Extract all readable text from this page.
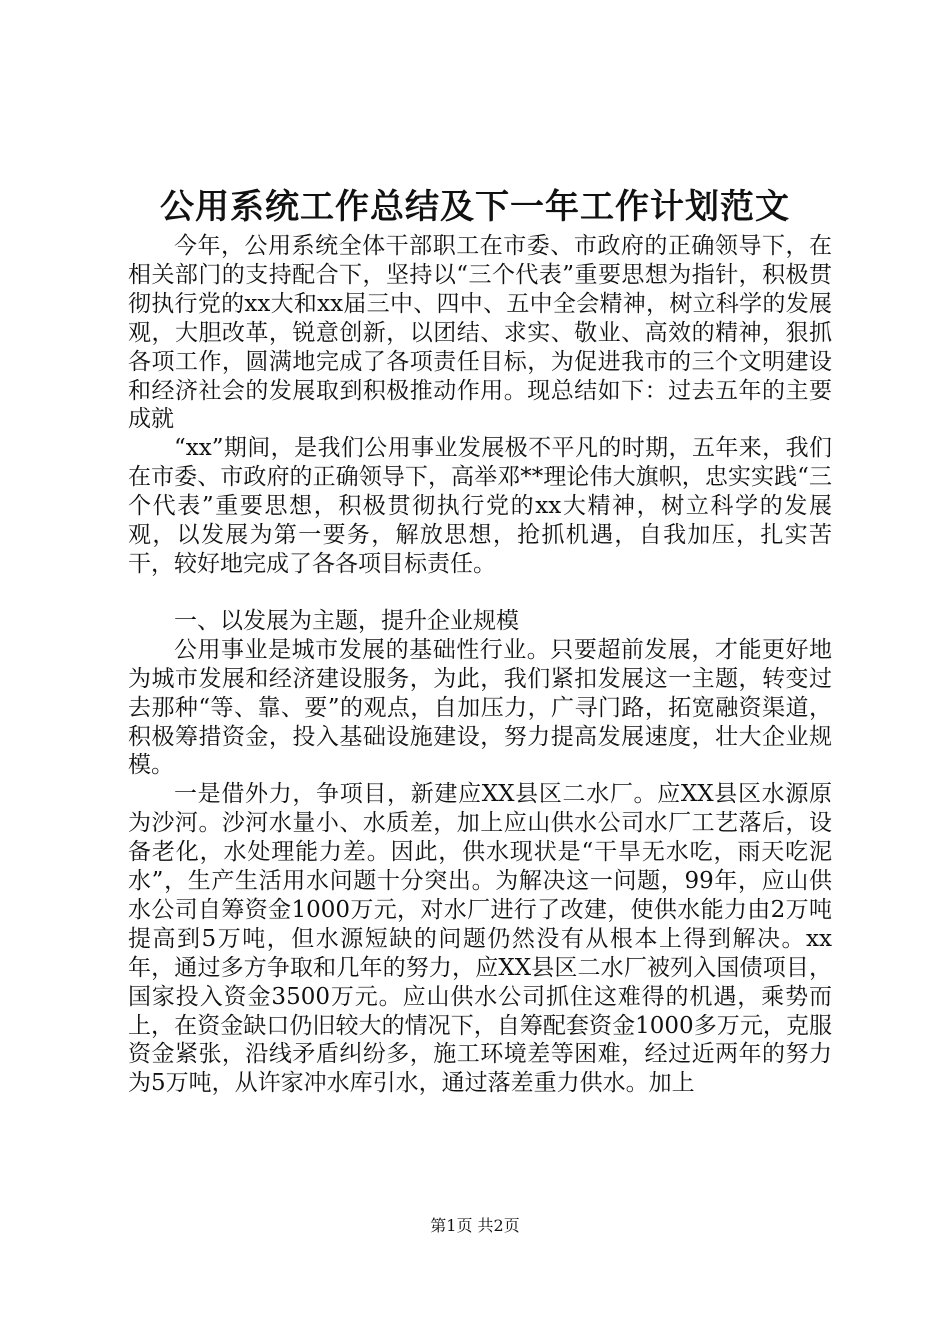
公用系统工作总结及下一年工作计划范文

今年，公用系统全体干部职工在市委、市政府的正确领导下，在相关部门的支持配合下，坚持以“三个代表”重要思想为指针，积极贯彻执行党的xx大和xx届三中、四中、五中全会精神，树立科学的发展观，大胆改革，锐意创新，以团结、求实、敬业、高效的精神，狠抓各项工作，圆满地完成了各项责任目标，为促进我市的三个文明建设和经济社会的发展取到积极推动作用。现总结如下：过去五年的主要成就

“xx”期间，是我们公用事业发展极不平凡的时期，五年来，我们在市委、市政府的正确领导下，高举邓**理论伟大旗帜，忠实实践“三个代表”重要思想，积极贯彻执行党的xx大精神，树立科学的发展观，以发展为第一要务，解放思想，抢抓机遇，自我加压，扎实苦干，较好地完成了各各项目标责任。

一、以发展为主题，提升企业规模

公用事业是城市发展的基础性行业。只要超前发展，才能更好地为城市发展和经济建设服务，为此，我们紧扣发展这一主题，转变过去那种“等、靠、要”的观点，自加压力，广寻门路，拓宽融资渠道，积极筹措资金，投入基础设施建设，努力提高发展速度，壮大企业规模。

一是借外力，争项目，新建应XX县区二水厂。应XX县区水源原为沙河。沙河水量小、水质差，加上应山供水公司水厂工艺落后，设备老化，水处理能力差。因此，供水现状是“干旱无水吃，雨天吃泥水”，生产生活用水问题十分突出。为解决这一问题，99年，应山供水公司自筹资金1000万元，对水厂进行了改建，使供水能力由2万吨提高到5万吨，但水源短缺的问题仍然没有从根本上得到解决。xx年，通过多方争取和几年的努力，应XX县区二水厂被列入国债项目，国家投入资金3500万元。应山供水公司抓住这难得的机遇，乘势而上，在资金缺口仍旧较大的情况下，自筹配套资金1000多万元，克服资金紧张，沿线矛盾纠纷多，施工环境差等困难，经过近两年的努力为5万吨，从许家冲水库引水，通过落差重力供水。加上

第1页 共2页
